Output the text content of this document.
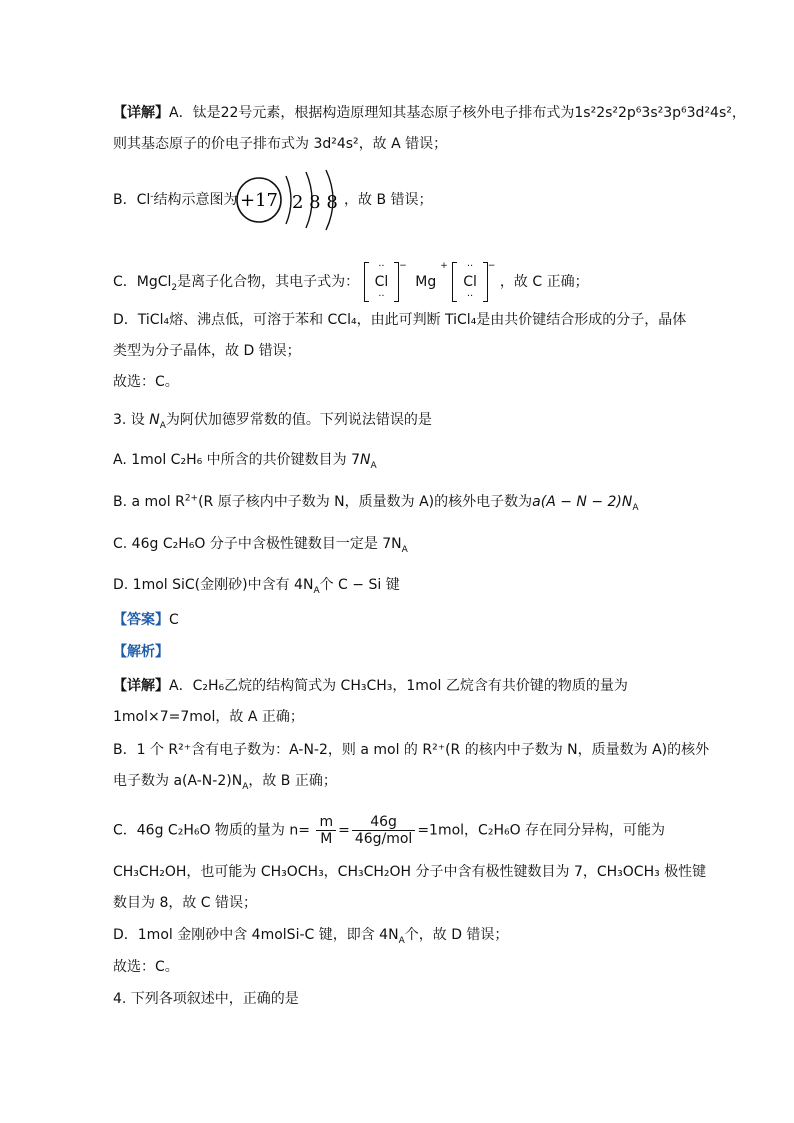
【详解】A．钛是22号元素，根据构造原理知其基态原子核外电子排布式为1s²2s²2p⁶3s²3p⁶3d²4s²，
则其基态原子的价电子排布式为 3d²4s²，故 A 错误；
B．Cl-结构示意图为 +17 2 8 8 ，故 B 错误；
C．MgCl$_2$是离子化合物，其电子式为：
··
Cl
··
− Mg+ ··
Cl
··
− ，故 C 正确；
D．TiCl₄熔、沸点低，可溶于苯和 CCl₄，由此可判断 TiCl₄是由共价键结合形成的分子，晶体
类型为分子晶体，故 D 错误；
故选：C。
3. 设 $N_A$为阿伏加德罗常数的值。下列说法错误的是
A. 1mol C₂H₆ 中所含的共价键数目为 $7N_A$
B. a mol $R^{2+}(R$ 原子核内中子数为 N，质量数为 A)的核外电子数为$a(A - N - 2)N_A$
C. 46g C₂H₆O 分子中含极性键数目一定是 $7N_A$
D. 1mol SiC(金刚砂)中含有 $4N_A$个 C − Si 键
【答案】C
【解析】
【详解】A．C₂H₆乙烷的结构简式为 CH₃CH₃，1mol 乙烷含有共价键的物质的量为
1mol×7=7mol，故 A 正确；
B．1 个 R²⁺含有电子数为：A-N-2，则 a mol 的 R²⁺(R 的核内中子数为 N，质量数为 A)的核外
电子数为 $a(A-N-2)N_A$，故 B 正确；
C．46g C₂H₆O 物质的量为 $n= \frac{m}{M} = \frac{46g}{\text{46g/mol}} =1mol$，C₂H₆O 存在同分异构，可能为
CH₃CH₂OH，也可能为 CH₃OCH₃，CH₃CH₂OH 分子中含有极性键数目为 7，CH₃OCH₃ 极性键
数目为 8，故 C 错误；
D．1mol 金刚砂中含 4molSi-C 键，即含 $4N_A$个，故 D 错误；
故选：C。
4. 下列各项叙述中，正确的是
